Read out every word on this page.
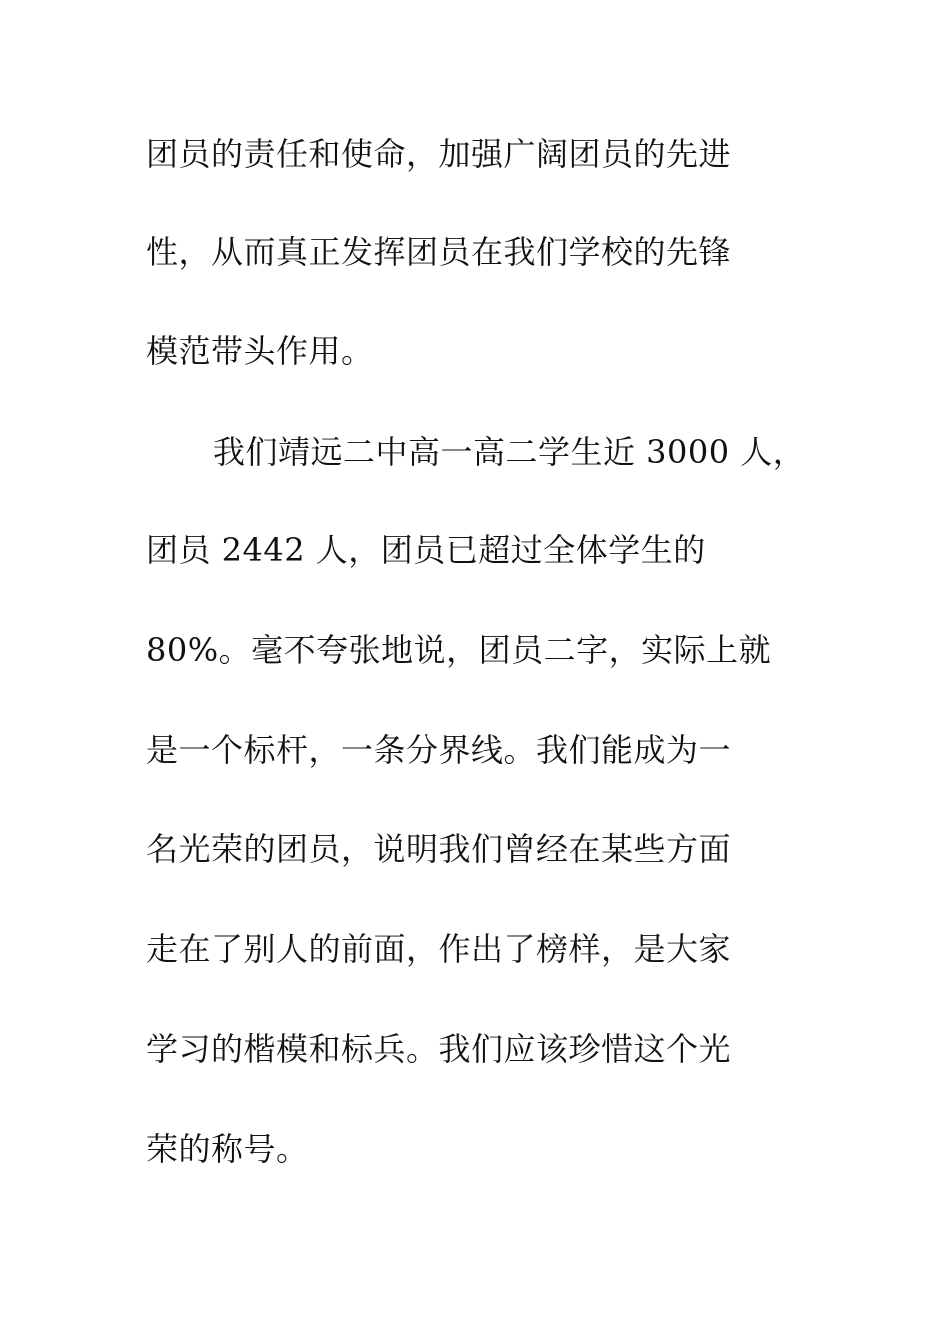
团员的责任和使命，加强广阔团员的先进
性，从而真正发挥团员在我们学校的先锋
模范带头作用。
我们靖远二中高一高二学生近 3000 人，
团员 2442 人，团员已超过全体学生的
80%。毫不夸张地说，团员二字，实际上就
是一个标杆，一条分界线。我们能成为一
名光荣的团员，说明我们曾经在某些方面
走在了别人的前面，作出了榜样，是大家
学习的楷模和标兵。我们应该珍惜这个光
荣的称号。
